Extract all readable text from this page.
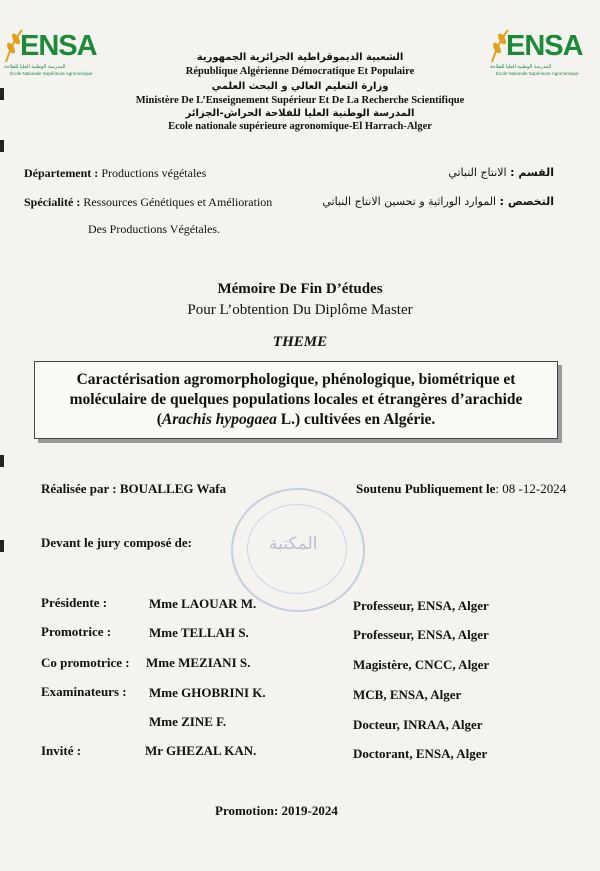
ENSA
المدرسة الوطنية العليا للفلاحة
École Nationale Supérieure Agronomique
ENSA
المدرسة الوطنية العليا للفلاحة
École Nationale Supérieure Agronomique
الشعبية الديموقراطية الجزائرية الجمهورية
République Algérienne Démocratique Et Populaire
وزارة التعليم العالي و البحث العلمي
Ministère De L’Enseignement Supérieur Et De La Recherche Scientifique
المدرسة الوطنية العليا للفلاحة الحراش-الجزائر
Ecole nationale supérieure agronomique-El Harrach-Alger
Département : Productions végétales	القسم : الانتاج النباتي
Spécialité : Ressources Génétiques et Amélioration
Des Productions Végétales.
التخصص : الموارد الوراثية و تحسين الانتاج النباتي
Mémoire De Fin D’études
Pour L’obtention Du Diplôme Master
THEME
Caractérisation agromorphologique, phénologique, biométrique et
moléculaire de quelques populations locales et étrangères d’arachide
(Arachis hypogaea L.) cultivées en Algérie.
Réalisée par : BOUALLEG Wafa	Soutenu Publiquement le: 08 -12-2024
Devant le jury composé de:	المكتبة
Présidente :	Mme LAOUAR M.	Professeur, ENSA, Alger
Promotrice :	Mme TELLAH S.	Professeur, ENSA, Alger
Co promotrice : Mme MEZIANI S.	Magistère, CNCC, Alger
Examinateurs : Mme GHOBRINI K.	MCB, ENSA, Alger
Mme ZINE F.	Docteur, INRAA, Alger
Invité :	Mr GHEZAL KAN.	Doctorant, ENSA, Alger
Promotion: 2019-2024
